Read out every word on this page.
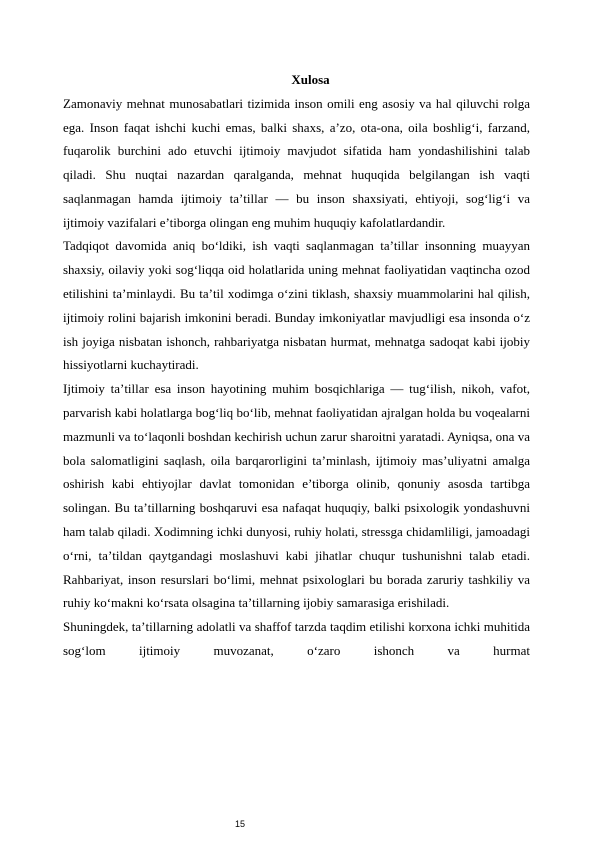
Xulosa

Zamonaviy mehnat munosabatlari tizimida inson omili eng asosiy va hal qiluvchi rolga ega. Inson faqat ishchi kuchi emas, balki shaxs, a’zo, ota-ona, oila boshlig‘i, farzand, fuqarolik burchini ado etuvchi ijtimoiy mavjudot sifatida ham yondashilishini talab qiladi. Shu nuqtai nazardan qaralganda, mehnat huquqida belgilangan ish vaqti saqlanmagan hamda ijtimoiy taʼtillar — bu inson shaxsiyati, ehtiyoji, sog‘lig‘i va ijtimoiy vazifalari e’tiborga olingan eng muhim huquqiy kafolatlardandir.

Tadqiqot davomida aniq bo‘ldiki, ish vaqti saqlanmagan taʼtillar insonning muayyan shaxsiy, oilaviy yoki sog‘liqqa oid holatlarida uning mehnat faoliyatidan vaqtincha ozod etilishini ta’minlaydi. Bu taʼtil xodimga o‘zini tiklash, shaxsiy muammolarini hal qilish, ijtimoiy rolini bajarish imkonini beradi. Bunday imkoniyatlar mavjudligi esa insonda o‘z ish joyiga nisbatan ishonch, rahbariyatga nisbatan hurmat, mehnatga sadoqat kabi ijobiy hissiyotlarni kuchaytiradi.

Ijtimoiy taʼtillar esa inson hayotining muhim bosqichlariga — tug‘ilish, nikoh, vafot, parvarish kabi holatlarga bog‘liq bo‘lib, mehnat faoliyatidan ajralgan holda bu voqealarni mazmunli va to‘laqonli boshdan kechirish uchun zarur sharoitni yaratadi. Ayniqsa, ona va bola salomatligini saqlash, oila barqarorligini ta’minlash, ijtimoiy mas’uliyatni amalga oshirish kabi ehtiyojlar davlat tomonidan e’tiborga olinib, qonuniy asosda tartibga solingan. Bu taʼtillarning boshqaruvi esa nafaqat huquqiy, balki psixologik yondashuvni ham talab qiladi. Xodimning ichki dunyosi, ruhiy holati, stressga chidamliligi, jamoadagi o‘rni, taʼtildan qaytgandagi moslashuvi kabi jihatlar chuqur tushunishni talab etadi. Rahbariyat, inson resurslari bo‘limi, mehnat psixologlari bu borada zaruriy tashkiliy va ruhiy ko‘makni ko‘rsata olsagina taʼtillarning ijobiy samarasiga erishiladi.

Shuningdek, taʼtillarning adolatli va shaffof tarzda taqdim etilishi korxona ichki muhitida sog‘lom ijtimoiy muvozanat, o‘zaro ishonch va hurmat

15
